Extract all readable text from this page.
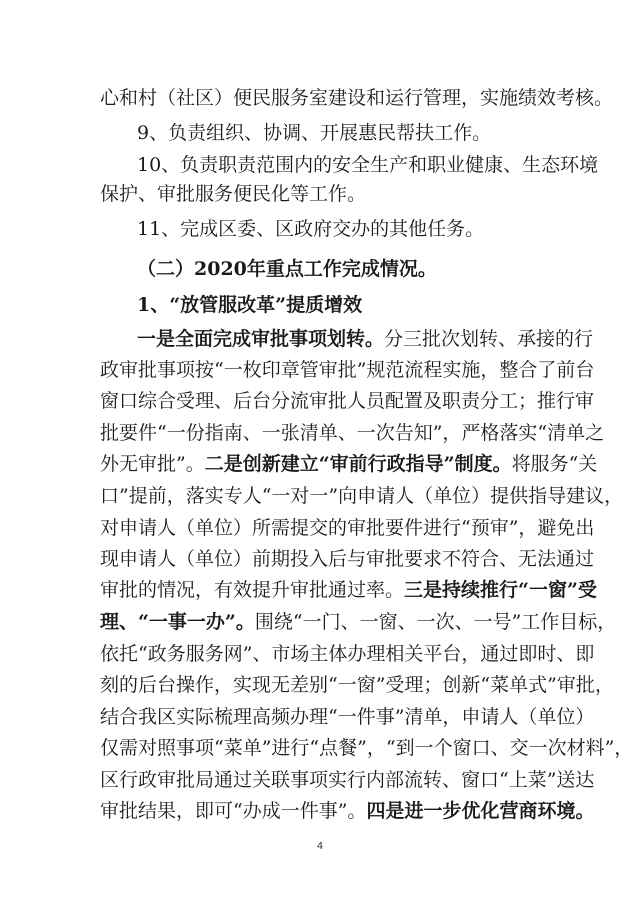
心和村（社区）便民服务室建设和运行管理，实施绩效考核。
9、负责组织、协调、开展惠民帮扶工作。
10、负责职责范围内的安全生产和职业健康、生态环境
保护、审批服务便民化等工作。
11、完成区委、区政府交办的其他任务。
（二）2020年重点工作完成情况。
1、“放管服改革”提质增效
一是全面完成审批事项划转。分三批次划转、承接的行
政审批事项按“一枚印章管审批”规范流程实施，整合了前台
窗口综合受理、后台分流审批人员配置及职责分工；推行审
批要件“一份指南、一张清单、一次告知”，严格落实“清单之
外无审批”。二是创新建立“审前行政指导”制度。将服务“关
口”提前，落实专人“一对一”向申请人（单位）提供指导建议，
对申请人（单位）所需提交的审批要件进行“预审”，避免出
现申请人（单位）前期投入后与审批要求不符合、无法通过
审批的情况，有效提升审批通过率。三是持续推行“一窗”受
理、“一事一办”。围绕“一门、一窗、一次、一号”工作目标，
依托“政务服务网”、市场主体办理相关平台，通过即时、即
刻的后台操作，实现无差别“一窗”受理；创新“菜单式”审批，
结合我区实际梳理高频办理“一件事”清单，申请人（单位）
仅需对照事项“菜单”进行“点餐”，“到一个窗口、交一次材料”，
区行政审批局通过关联事项实行内部流转、窗口“上菜”送达
审批结果，即可“办成一件事”。四是进一步优化营商环境。
4
